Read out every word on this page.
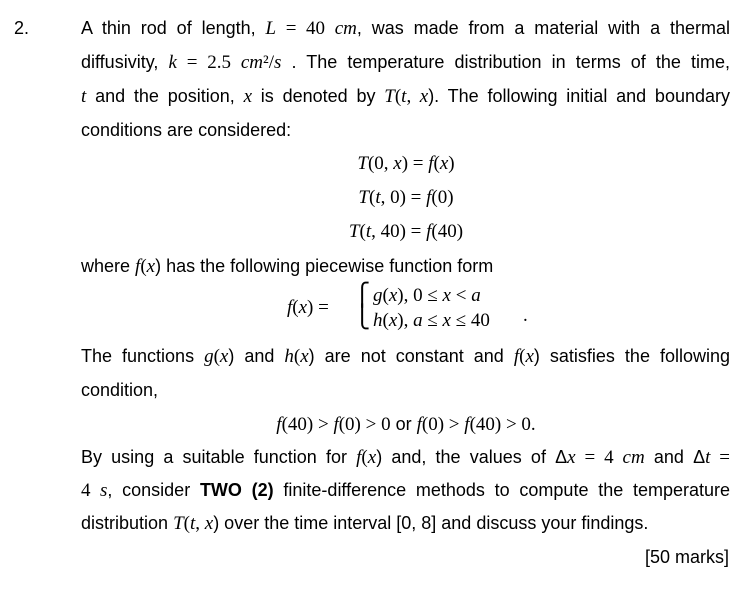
2.	A thin rod of length, L = 40 cm, was made from a material with a thermal
diffusivity, k = 2.5 cm²/s . The temperature distribution in terms of the time,
t and the position, x is denoted by T(t, x). The following initial and boundary
conditions are considered:
T(0, x) = f(x)
T(t, 0) = f(0)
T(t, 40) = f(40)
where f(x) has the following piecewise function form
f(x) = ⎧
⎩
g(x), 0 ≤ x < a
h(x), a ≤ x ≤ 40 .
The functions g(x) and h(x) are not constant and f(x) satisfies the following
condition,
f(40) > f(0) > 0 or f(0) > f(40) > 0.
By using a suitable function for f(x) and, the values of Δx = 4 cm and Δt =
4 s, consider TWO (2) finite-difference methods to compute the temperature
distribution T(t, x) over the time interval [0, 8] and discuss your findings.
[50 marks]
